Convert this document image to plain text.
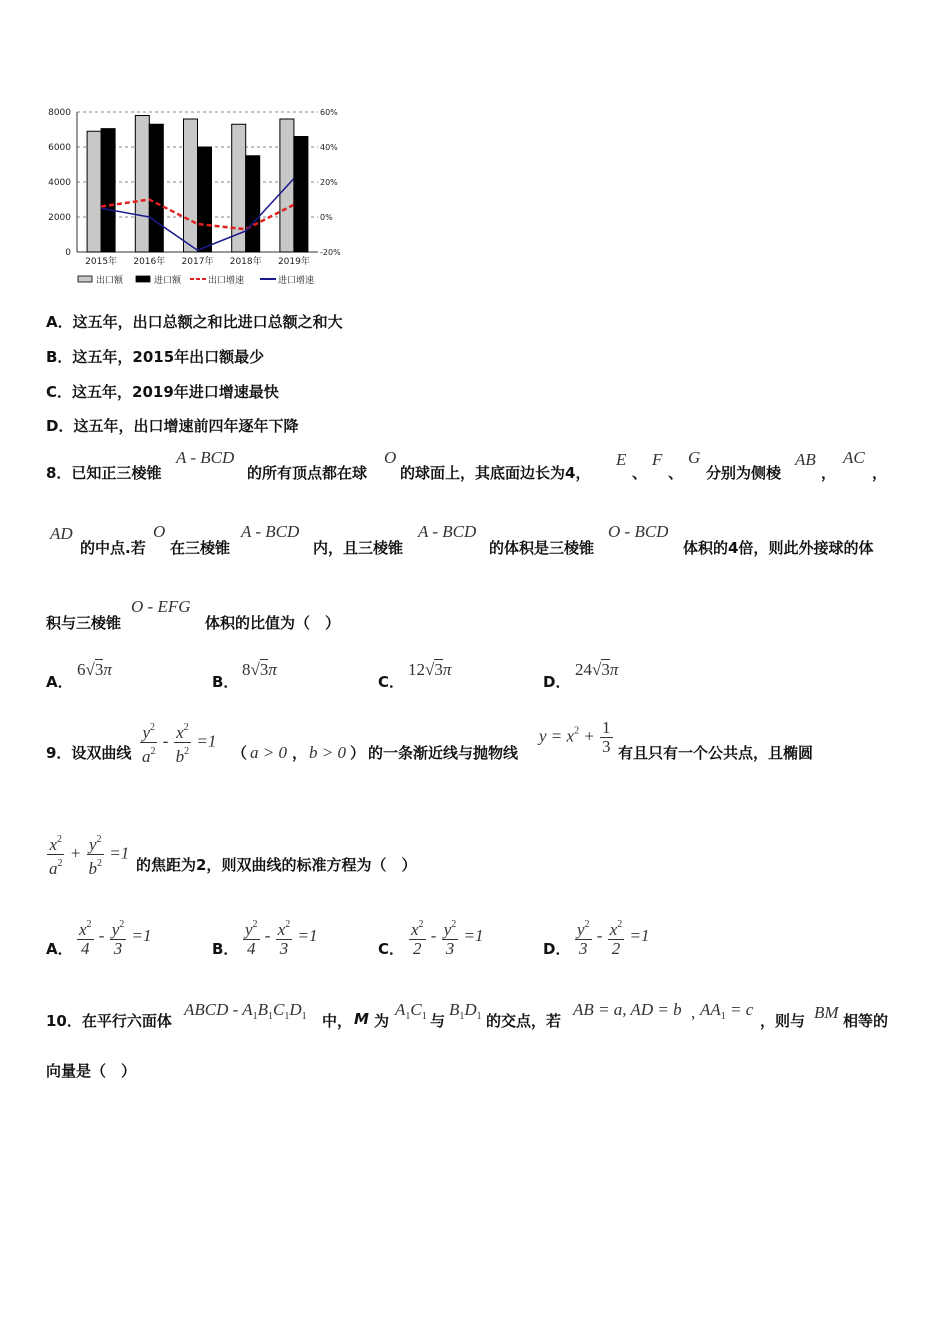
8000
6000
4000
2000
0
60%
40%
20%
0%
-20%
2015年 2016年 2017年 2018年 2019年
出口额	进口额	出口增速	进口增速
A．这五年，出口总额之和比进口总额之和大
B．这五年，2015年出口额最少
C．这五年，2019年进口增速最快
D．这五年，出口增速前四年逐年下降
8．已知正三棱锥
A - BCD
的所有顶点都在球
O
的球面上，其底面边长为4，
E
、
F
、
G
分别为侧棱
AB
，
AC
，
AD
的中点.若
O
在三棱锥
A - BCD
内，且三棱锥
A - BCD
的体积是三棱锥
O - BCD
体积的4倍，则此外接球的体
积与三棱锥
O - EFG
体积的比值为（　）
A．
6√3π
B．
8√3π
C．
12√3π
D．
24√3π
9．设双曲线 $\frac{y^2}{a^2} - \frac{x^2}{b^2} =1$
（ a > 0 ， b > 0 ） 的一条渐近线与抛物线
$y = x^2 + \frac{1}{3}$ 有且只有一个公共点，且椭圆
$\frac{x^2}{a^2} + \frac{y^2}{b^2} =1$
的焦距为2，则双曲线的标准方程为（　）
A． $\frac{x^2}{4} - \frac{y^2}{3} =1$
B． $\frac{y^2}{4} - \frac{x^2}{3} =1$
C． $\frac{x^2}{2} - \frac{y^2}{3} =1$
D． $\frac{y^2}{3} - \frac{x^2}{2} =1$
10．在平行六面体
ABCD - $A_1B_1C_1D_1$ 中， M 为
$A_1C_1$ 与
$B_1D_1$ 的交点，若
AB = a, AD = b , $AA_1 = c$
，则与 BM 相等的
向量是（　）
